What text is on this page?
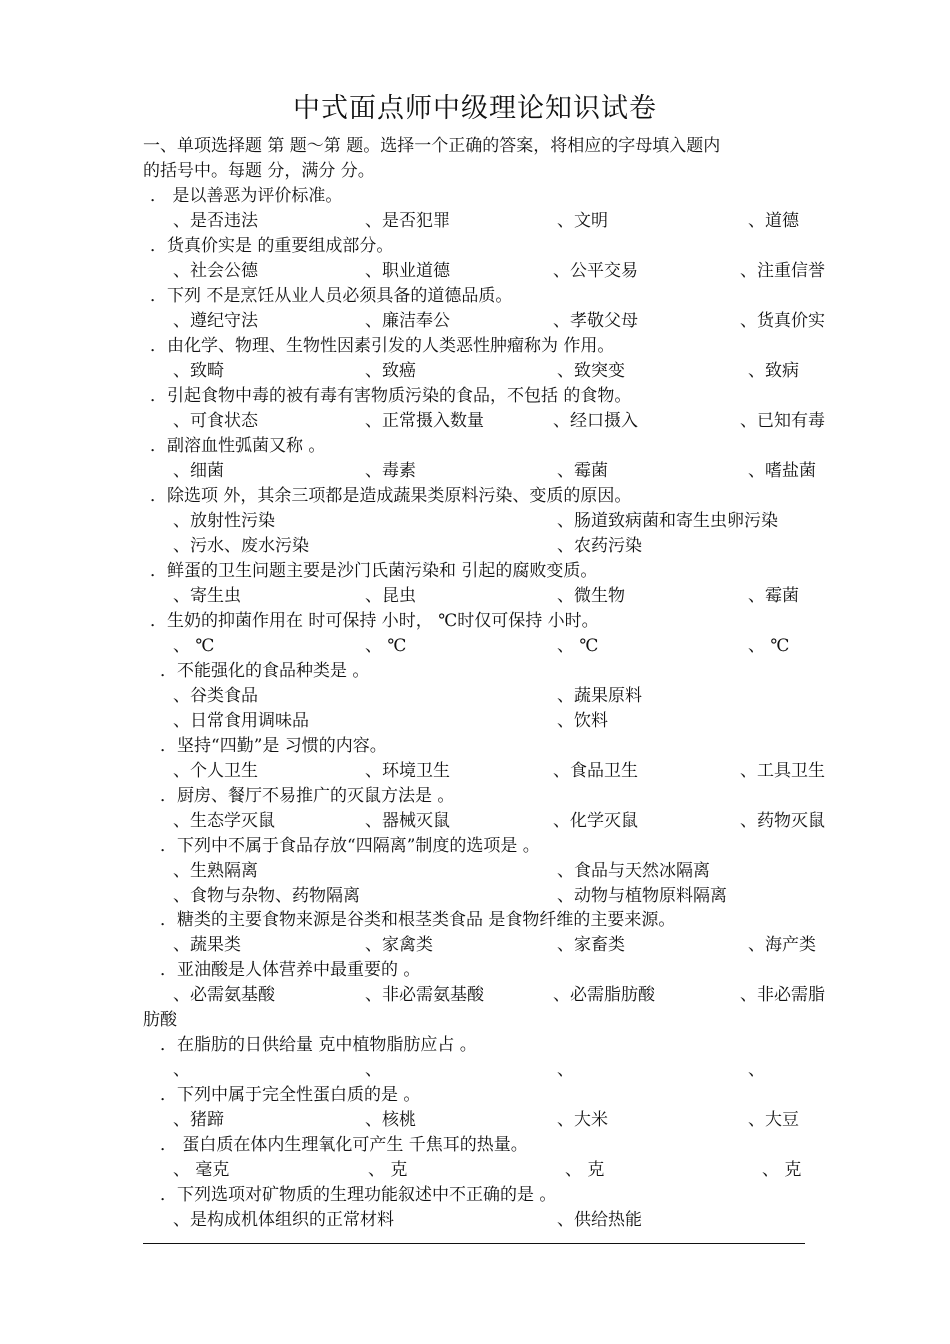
中式面点师中级理论知识试卷
一、单项选择题 第 题～第 题。选择一个正确的答案，将相应的字母填入题内
的括号中。每题 分，满分 分。
． 是以善恶为评价标准。
、是否违法	、是否犯罪	、文明	、道德
．货真价实是 的重要组成部分。
、社会公德	、职业道德	、公平交易	、注重信誉
．下列 不是烹饪从业人员必须具备的道德品质。
、遵纪守法	、廉洁奉公	、孝敬父母	、货真价实
．由化学、物理、生物性因素引发的人类恶性肿瘤称为 作用。
、致畸	、致癌	、致突变	、致病
．引起食物中毒的被有毒有害物质污染的食品，不包括 的食物。
、可食状态	、正常摄入数量	、经口摄入	、已知有毒
．副溶血性弧菌又称 。
、细菌	、毒素	、霉菌	、嗜盐菌
．除选项 外，其余三项都是造成蔬果类原料污染、变质的原因。
、放射性污染	、肠道致病菌和寄生虫卵污染
、污水、废水污染	、农药污染
．鲜蛋的卫生问题主要是沙门氏菌污染和 引起的腐败变质。
、寄生虫	、昆虫	、微生物	、霉菌
．生奶的抑菌作用在 时可保持 小时， ℃时仅可保持 小时。
、 ℃	、 ℃	、 ℃	、 ℃
．不能强化的食品种类是 。
、谷类食品	、蔬果原料
、日常食用调味品	、饮料
．坚持“四勤”是 习惯的内容。
、个人卫生	、环境卫生	、食品卫生	、工具卫生
．厨房、餐厅不易推广的灭鼠方法是 。
、生态学灭鼠	、器械灭鼠	、化学灭鼠	、药物灭鼠
．下列中不属于食品存放“四隔离”制度的选项是 。
、生熟隔离	、食品与天然冰隔离
、食物与杂物、药物隔离	、动物与植物原料隔离
．糖类的主要食物来源是谷类和根茎类食品 是食物纤维的主要来源。
、蔬果类	、家禽类	、家畜类	、海产类
．亚油酸是人体营养中最重要的 。
、必需氨基酸	、非必需氨基酸	、必需脂肪酸	、非必需脂
肪酸
．在脂肪的日供给量 克中植物脂肪应占 。
、	、	、	、
．下列中属于完全性蛋白质的是 。
、猪蹄	、核桃	、大米	、大豆
． 蛋白质在体内生理氧化可产生 千焦耳的热量。
、 毫克	、 克	、 克	、 克
．下列选项对矿物质的生理功能叙述中不正确的是 。
、是构成机体组织的正常材料	、供给热能
